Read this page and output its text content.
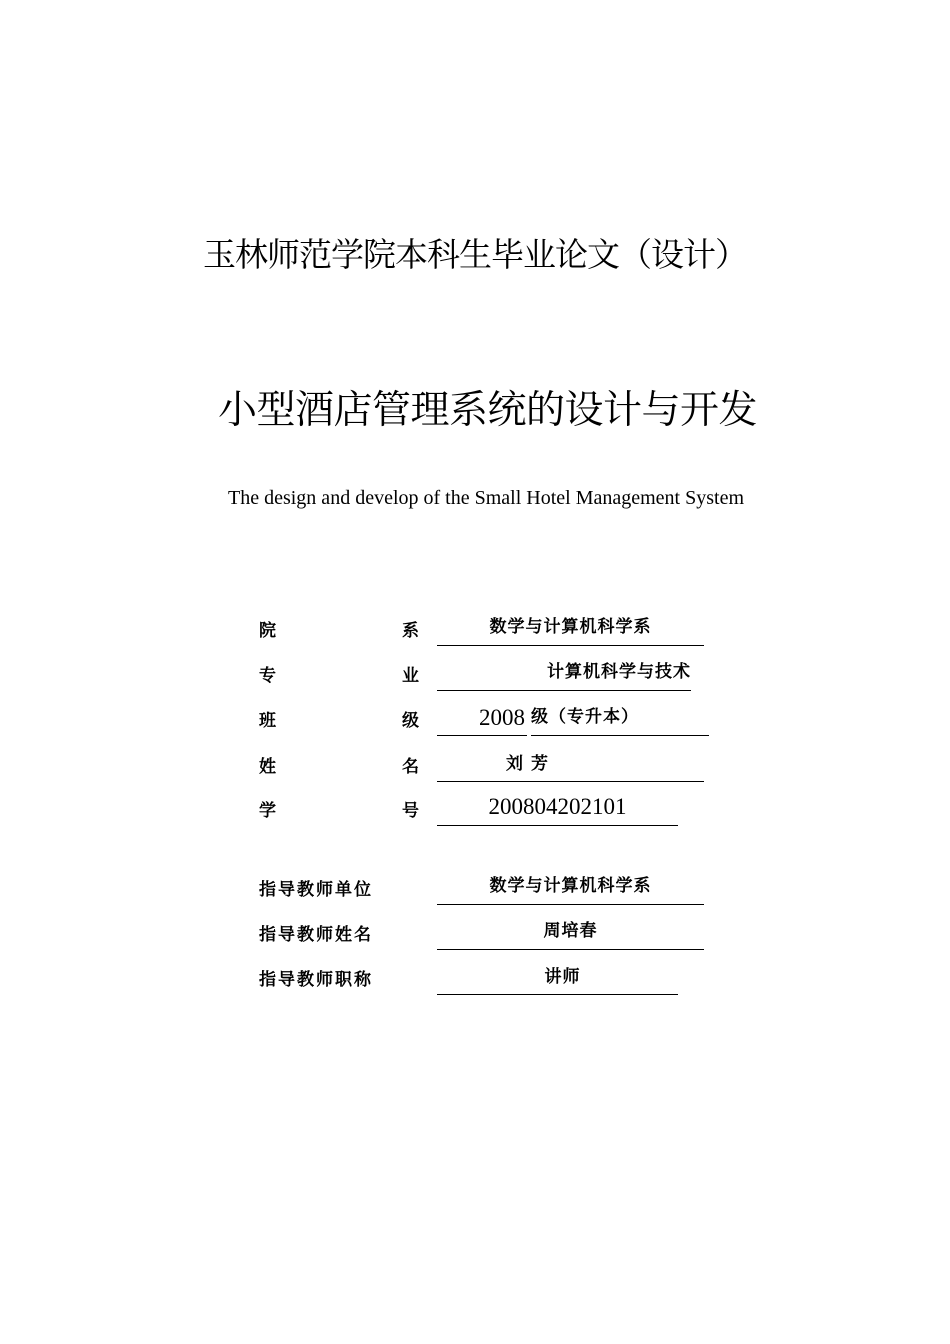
玉林师范学院本科生毕业论文（设计）
小型酒店管理系统的设计与开发
The design and develop of the Small Hotel Management System
院	系	数学与计算机科学系
专	业	计算机科学与技术
班	级	2008 级（专升本）
姓	名	刘 芳
学	号	200804202101
指导教师单位	数学与计算机科学系
指导教师姓名	周培春
指导教师职称	讲师
